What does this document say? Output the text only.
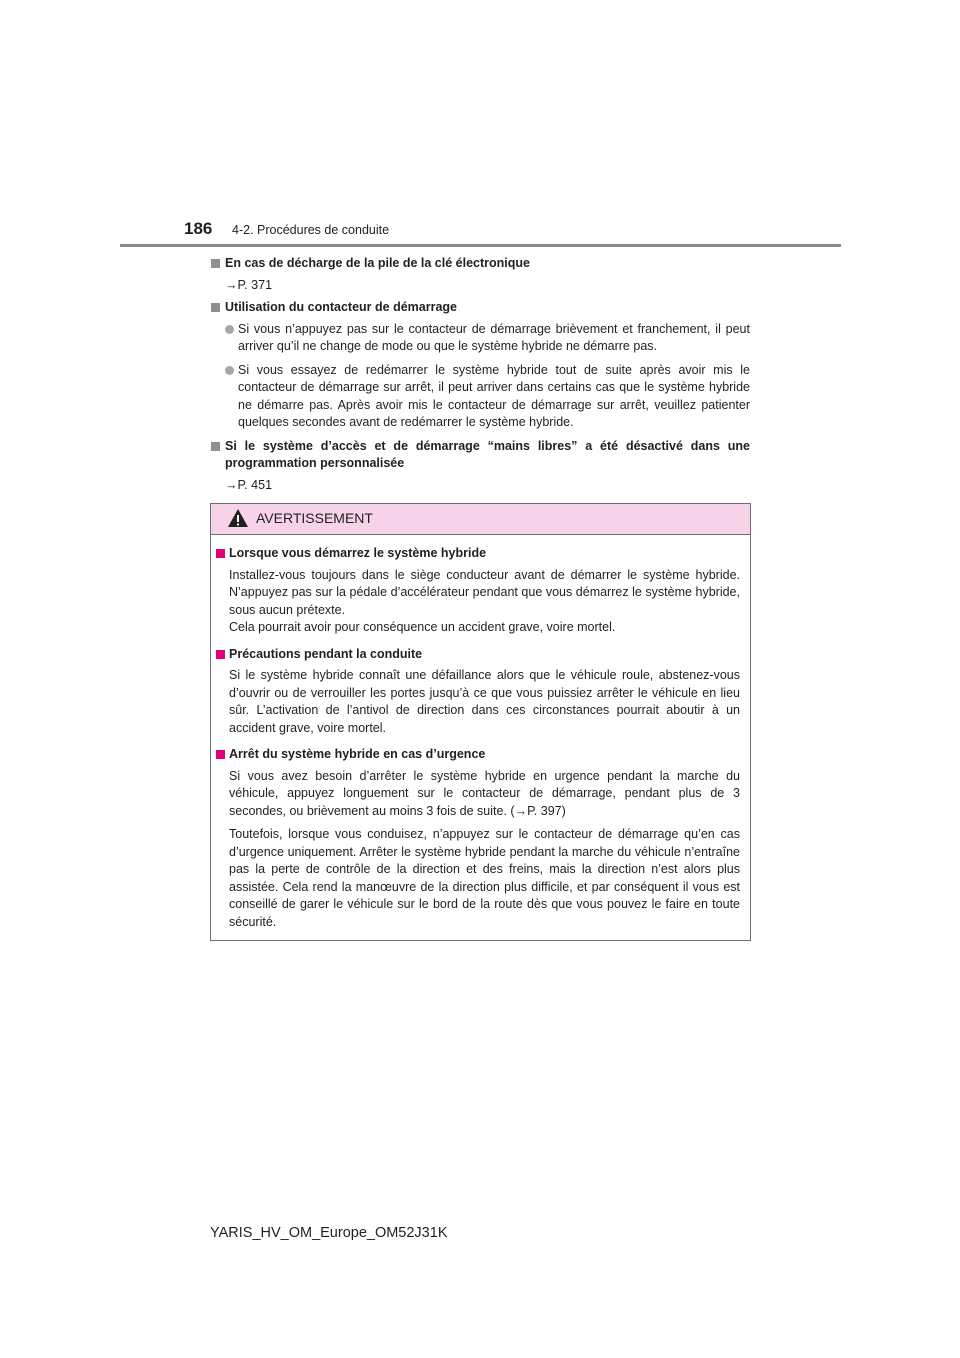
186 4-2. Procédures de conduite
En cas de décharge de la pile de la clé électronique
→P. 371
Utilisation du contacteur de démarrage
Si vous n’appuyez pas sur le contacteur de démarrage brièvement et franchement, il peut arriver qu’il ne change de mode ou que le système hybride ne démarre pas.
Si vous essayez de redémarrer le système hybride tout de suite après avoir mis le contacteur de démarrage sur arrêt, il peut arriver dans certains cas que le système hybride ne démarre pas. Après avoir mis le contacteur de démarrage sur arrêt, veuillez patienter quelques secondes avant de redémarrer le système hybride.
Si le système d’accès et de démarrage “mains libres” a été désactivé dans une programmation personnalisée
→P. 451
AVERTISSEMENT
Lorsque vous démarrez le système hybride
Installez-vous toujours dans le siège conducteur avant de démarrer le système hybride. N’appuyez pas sur la pédale d’accélérateur pendant que vous démarrez le système hybride, sous aucun prétexte.
Cela pourrait avoir pour conséquence un accident grave, voire mortel.
Précautions pendant la conduite
Si le système hybride connaît une défaillance alors que le véhicule roule, abstenez-vous d’ouvrir ou de verrouiller les portes jusqu’à ce que vous puissiez arrêter le véhicule en lieu sûr. L’activation de l’antivol de direction dans ces circonstances pourrait aboutir à un accident grave, voire mortel.
Arrêt du système hybride en cas d’urgence
Si vous avez besoin d’arrêter le système hybride en urgence pendant la marche du véhicule, appuyez longuement sur le contacteur de démarrage, pendant plus de 3 secondes, ou brièvement au moins 3 fois de suite. (→P. 397)
Toutefois, lorsque vous conduisez, n’appuyez sur le contacteur de démarrage qu’en cas d’urgence uniquement. Arrêter le système hybride pendant la marche du véhicule n’entraîne pas la perte de contrôle de la direction et des freins, mais la direction n’est alors plus assistée. Cela rend la manœuvre de la direction plus difficile, et par conséquent il vous est conseillé de garer le véhicule sur le bord de la route dès que vous pouvez le faire en toute sécurité.
YARIS_HV_OM_Europe_OM52J31K
